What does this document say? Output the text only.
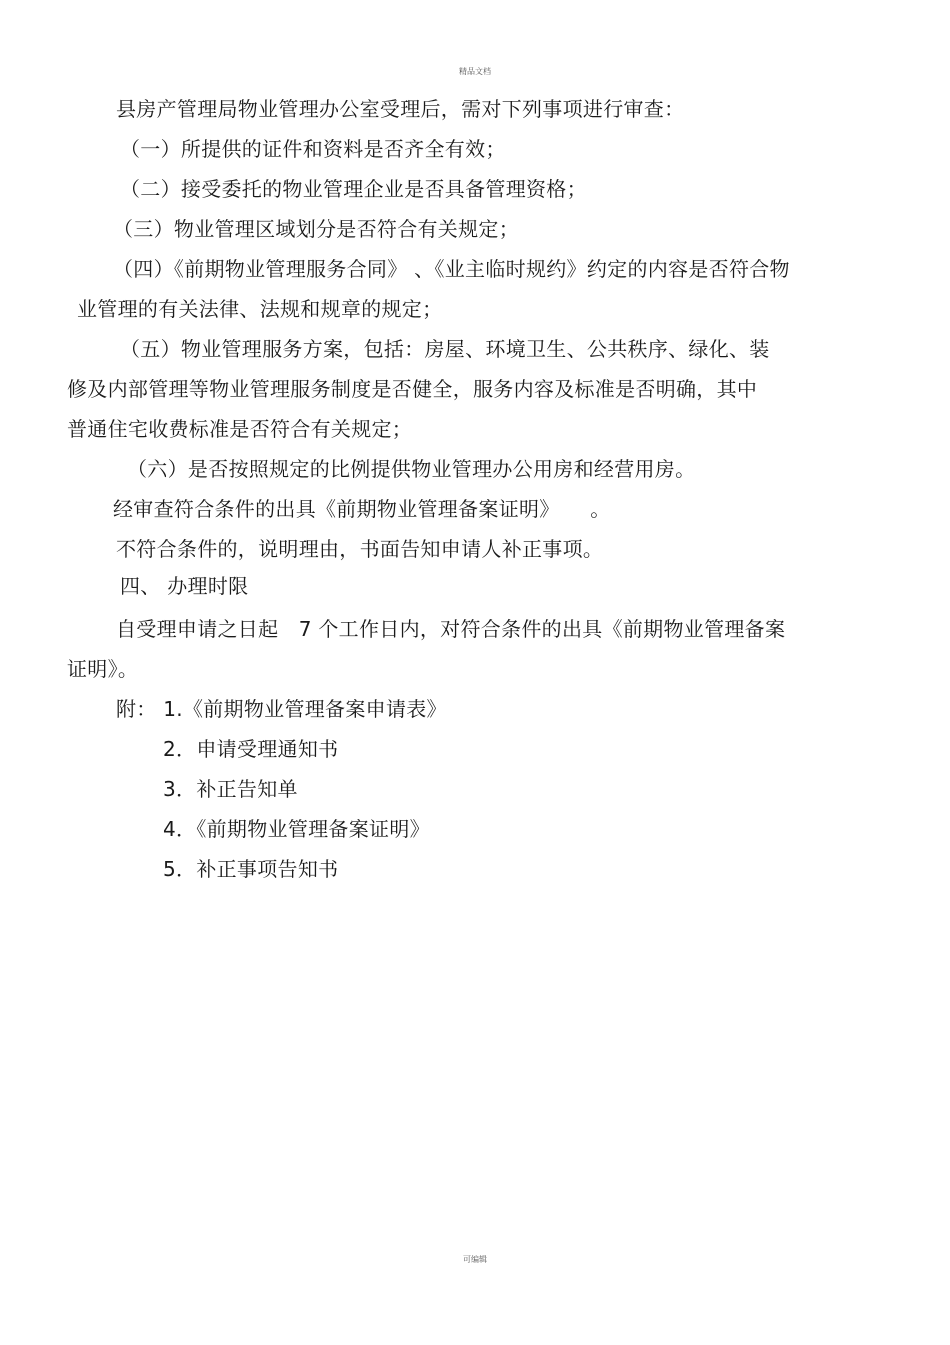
精品文档
县房产管理局物业管理办公室受理后，需对下列事项进行审查：
（一）所提供的证件和资料是否齐全有效；
（二）接受委托的物业管理企业是否具备管理资格；
（三）物业管理区域划分是否符合有关规定；
（四）《前期物业管理服务合同》 、《业主临时规约》约定的内容是否符合物
业管理的有关法律、法规和规章的规定；
（五）物业管理服务方案，包括：房屋、环境卫生、公共秩序、绿化、装
修及内部管理等物业管理服务制度是否健全，服务内容及标准是否明确，其中
普通住宅收费标准是否符合有关规定；
（六）是否按照规定的比例提供物业管理办公用房和经营用房。
经审查符合条件的出具《前期物业管理备案证明》　　。
不符合条件的，说明理由，书面告知申请人补正事项。
四、 办理时限
自受理申请之日起　7 个工作日内，对符合条件的出具《前期物业管理备案
证明》。
附： 1.《前期物业管理备案申请表》
2．申请受理通知书
3．补正告知单
4．《前期物业管理备案证明》
5．补正事项告知书
可编辑
